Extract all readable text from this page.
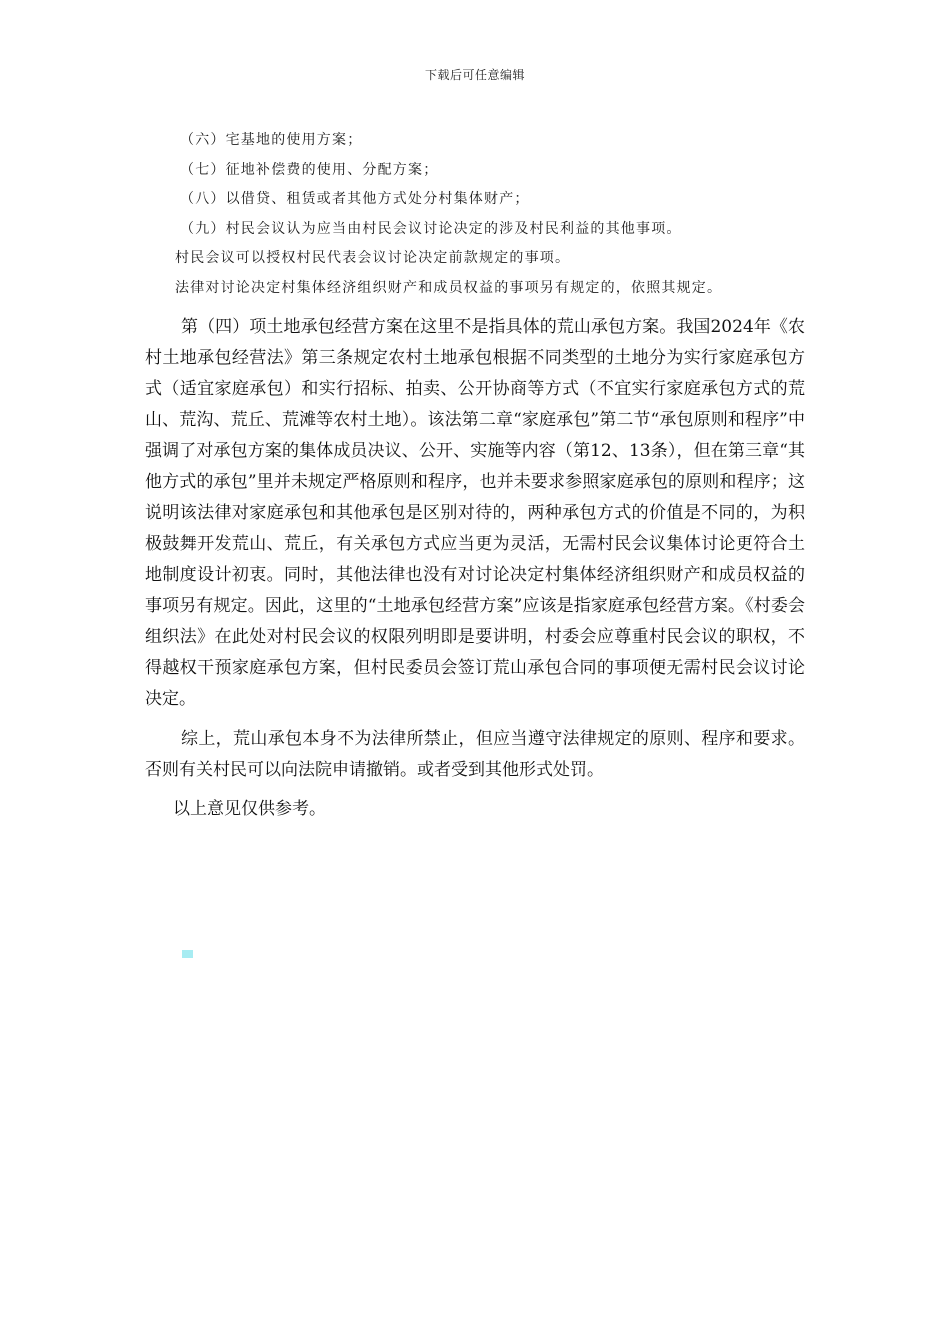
下载后可任意编辑
（六）宅基地的使用方案；
（七）征地补偿费的使用、分配方案；
（八）以借贷、租赁或者其他方式处分村集体财产；
（九）村民会议认为应当由村民会议讨论决定的涉及村民利益的其他事项。
村民会议可以授权村民代表会议讨论决定前款规定的事项。
法律对讨论决定村集体经济组织财产和成员权益的事项另有规定的，依照其规定。

第（四）项土地承包经营方案在这里不是指具体的荒山承包方案。我国2024年《农村土地承包经营法》第三条规定农村土地承包根据不同类型的土地分为实行家庭承包方式（适宜家庭承包）和实行招标、拍卖、公开协商等方式（不宜实行家庭承包方式的荒山、荒沟、荒丘、荒滩等农村土地）。该法第二章“家庭承包”第二节“承包原则和程序”中强调了对承包方案的集体成员决议、公开、实施等内容（第12、13条），但在第三章“其他方式的承包”里并未规定严格原则和程序，也并未要求参照家庭承包的原则和程序；这说明该法律对家庭承包和其他承包是区别对待的，两种承包方式的价值是不同的，为积极鼓舞开发荒山、荒丘，有关承包方式应当更为灵活，无需村民会议集体讨论更符合土地制度设计初衷。同时，其他法律也没有对讨论决定村集体经济组织财产和成员权益的事项另有规定。因此，这里的“土地承包经营方案”应该是指家庭承包经营方案。《村委会组织法》在此处对村民会议的权限列明即是要讲明，村委会应尊重村民会议的职权，不得越权干预家庭承包方案，但村民委员会签订荒山承包合同的事项便无需村民会议讨论决定。

综上，荒山承包本身不为法律所禁止，但应当遵守法律规定的原则、程序和要求。否则有关村民可以向法院申请撤销。或者受到其他形式处罚。

以上意见仅供参考。
